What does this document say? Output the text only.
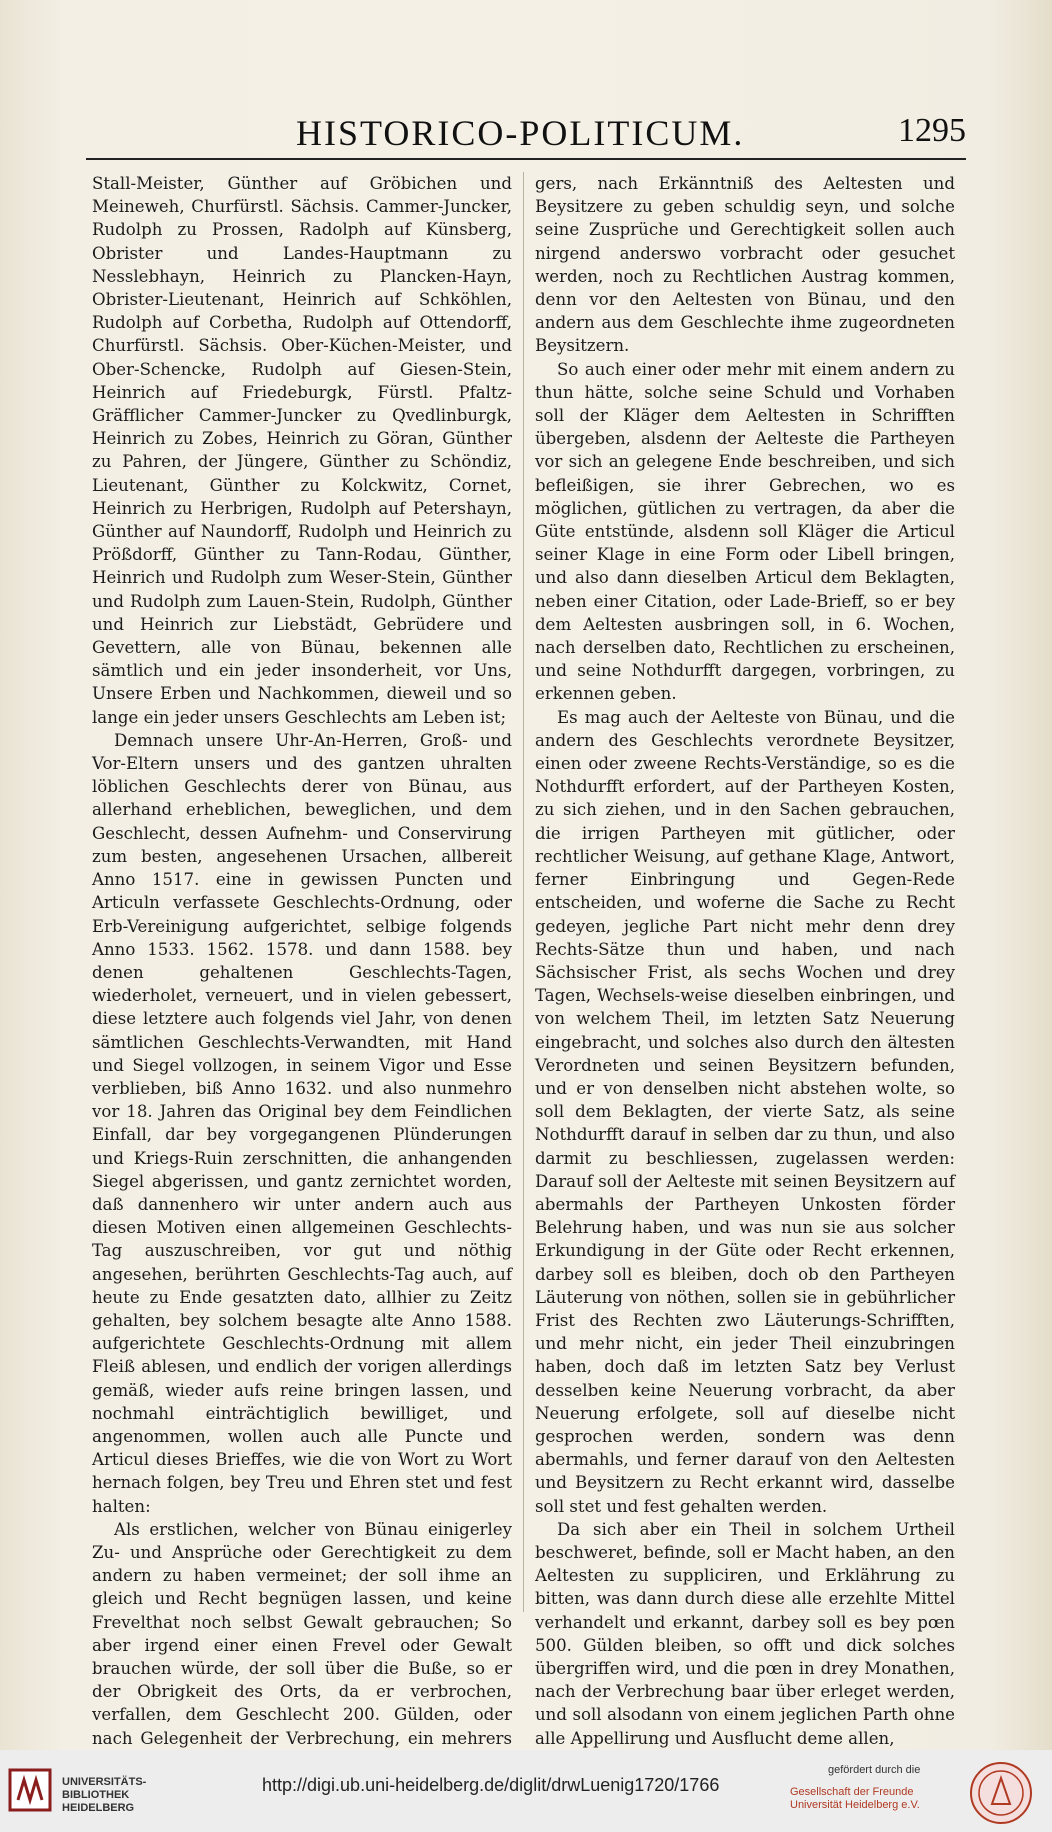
HISTORICO-POLITICUM.	1295

Stall-Meister, Günther auf Gröbichen und Meineweh, Churfürstl. Sächsis. Cammer-Juncker, Rudolph zu Prossen, Radolph auf Künsberg, Obrister und Landes-Hauptmann zu Nesslebhayn, Heinrich zu Plancken-Hayn, Obrister-Lieutenant, Heinrich auf Schköhlen, Rudolph auf Corbetha, Rudolph auf Ottendorff, Churfürstl. Sächsis. Ober-Küchen-Meister, und Ober-Schencke, Rudolph auf Giesen-Stein, Heinrich auf Friedeburgk, Fürstl. Pfaltz-Gräfflicher Cammer-Juncker zu Qvedlinburgk, Heinrich zu Zobes, Heinrich zu Göran, Günther zu Pahren, der Jüngere, Günther zu Schöndiz, Lieutenant, Günther zu Kolckwitz, Cornet, Heinrich zu Herbrigen, Rudolph auf Petershayn, Günther auf Naundorff, Rudolph und Heinrich zu Prößdorff, Günther zu Tann-Rodau, Günther, Heinrich und Rudolph zum Weser-Stein, Günther und Rudolph zum Lauen-Stein, Rudolph, Günther und Heinrich zur Liebstädt, Gebrüdere und Gevettern, alle von Bünau, bekennen alle sämtlich und ein jeder insonderheit, vor Uns, Unsere Erben und Nachkommen, dieweil und so lange ein jeder unsers Geschlechts am Leben ist;

Demnach unsere Uhr-An-Herren, Groß- und Vor-Eltern unsers und des gantzen uhralten löblichen Geschlechts derer von Bünau, aus allerhand erheblichen, beweglichen, und dem Geschlecht, dessen Aufnehm- und Conservirung zum besten, angesehenen Ursachen, allbereit Anno 1517. eine in gewissen Puncten und Articuln verfassete Geschlechts-Ordnung, oder Erb-Vereinigung aufgerichtet, selbige folgends Anno 1533. 1562. 1578. und dann 1588. bey denen gehaltenen Geschlechts-Tagen, wiederholet, verneuert, und in vielen gebessert, diese letztere auch folgends viel Jahr, von denen sämtlichen Geschlechts-Verwandten, mit Hand und Siegel vollzogen, in seinem Vigor und Esse verblieben, biß Anno 1632. und also nunmehro vor 18. Jahren das Original bey dem Feindlichen Einfall, dar bey vorgegangenen Plünderungen und Kriegs-Ruin zerschnitten, die anhangenden Siegel abgerissen, und gantz zernichtet worden, daß dannenhero wir unter andern auch aus diesen Motiven einen allgemeinen Geschlechts-Tag auszuschreiben, vor gut und nöthig angesehen, berührten Geschlechts-Tag auch, auf heute zu Ende gesatzten dato, allhier zu Zeitz gehalten, bey solchem besagte alte Anno 1588. aufgerichtete Geschlechts-Ordnung mit allem Fleiß ablesen, und endlich der vorigen allerdings gemäß, wieder aufs reine bringen lassen, und nochmahl einträchtiglich bewilliget, und angenommen, wollen auch alle Puncte und Articul dieses Brieffes, wie die von Wort zu Wort hernach folgen, bey Treu und Ehren stet und fest halten:

Als erstlichen, welcher von Bünau einigerley Zu- und Ansprüche oder Gerechtigkeit zu dem andern zu haben vermeinet; der soll ihme an gleich und Recht begnügen lassen, und keine Frevelthat noch selbst Gewalt gebrauchen; So aber irgend einer einen Frevel oder Gewalt brauchen würde, der soll über die Buße, so er der Obrigkeit des Orts, da er verbrochen, verfallen, dem Geschlecht 200. Gülden, oder nach Gelegenheit der Verbrechung, ein mehrers

gers, nach Erkänntniß des Aeltesten und Beysitzere zu geben schuldig seyn, und solche seine Zusprüche und Gerechtigkeit sollen auch nirgend anderswo vorbracht oder gesuchet werden, noch zu Rechtlichen Austrag kommen, denn vor den Aeltesten von Bünau, und den andern aus dem Geschlechte ihme zugeordneten Beysitzern.

So auch einer oder mehr mit einem andern zu thun hätte, solche seine Schuld und Vorhaben soll der Kläger dem Aeltesten in Schrifften übergeben, alsdenn der Aelteste die Partheyen vor sich an gelegene Ende beschreiben, und sich befleißigen, sie ihrer Gebrechen, wo es möglichen, gütlichen zu vertragen, da aber die Güte entstünde, alsdenn soll Kläger die Articul seiner Klage in eine Form oder Libell bringen, und also dann dieselben Articul dem Beklagten, neben einer Citation, oder Lade-Brieff, so er bey dem Aeltesten ausbringen soll, in 6. Wochen, nach derselben dato, Rechtlichen zu erscheinen, und seine Nothdurfft dargegen, vorbringen, zu erkennen geben.

Es mag auch der Aelteste von Bünau, und die andern des Geschlechts verordnete Beysitzer, einen oder zweene Rechts-Verständige, so es die Nothdurfft erfordert, auf der Partheyen Kosten, zu sich ziehen, und in den Sachen gebrauchen, die irrigen Partheyen mit gütlicher, oder rechtlicher Weisung, auf gethane Klage, Antwort, ferner Einbringung und Gegen-Rede entscheiden, und woferne die Sache zu Recht gedeyen, jegliche Part nicht mehr denn drey Rechts-Sätze thun und haben, und nach Sächsischer Frist, als sechs Wochen und drey Tagen, Wechsels-weise dieselben einbringen, und von welchem Theil, im letzten Satz Neuerung eingebracht, und solches also durch den ältesten Verordneten und seinen Beysitzern befunden, und er von denselben nicht abstehen wolte, so soll dem Beklagten, der vierte Satz, als seine Nothdurfft darauf in selben dar zu thun, und also darmit zu beschliessen, zugelassen werden: Darauf soll der Aelteste mit seinen Beysitzern auf abermahls der Partheyen Unkosten förder Belehrung haben, und was nun sie aus solcher Erkundigung in der Güte oder Recht erkennen, darbey soll es bleiben, doch ob den Partheyen Läuterung von nöthen, sollen sie in gebührlicher Frist des Rechten zwo Läuterungs-Schrifften, und mehr nicht, ein jeder Theil einzubringen haben, doch daß im letzten Satz bey Verlust desselben keine Neuerung vorbracht, da aber Neuerung erfolgete, soll auf dieselbe nicht gesprochen werden, sondern was denn abermahls, und ferner darauf von den Aeltesten und Beysitzern zu Recht erkannt wird, dasselbe soll stet und fest gehalten werden.

Da sich aber ein Theil in solchem Urtheil beschweret, befinde, soll er Macht haben, an den Aeltesten zu suppliciren, und Erklährung zu bitten, was dann durch diese alle erzehlte Mittel verhandelt und erkannt, darbey soll es bey pœn 500. Gülden bleiben, so offt und dick solches übergriffen wird, und die pœn in drey Monathen, nach der Verbrechung baar über erleget werden, und soll alsodann von einem jeglichen Parth ohne alle Appellirung und Ausflucht deme allen,

UNIVERSITÄTS-
BIBLIOTHEK
HEIDELBERG
http://digi.ub.uni-heidelberg.de/diglit/drwLuenig1720/1766
gefördert durch die
Gesellschaft der Freunde
Universität Heidelberg e.V.
